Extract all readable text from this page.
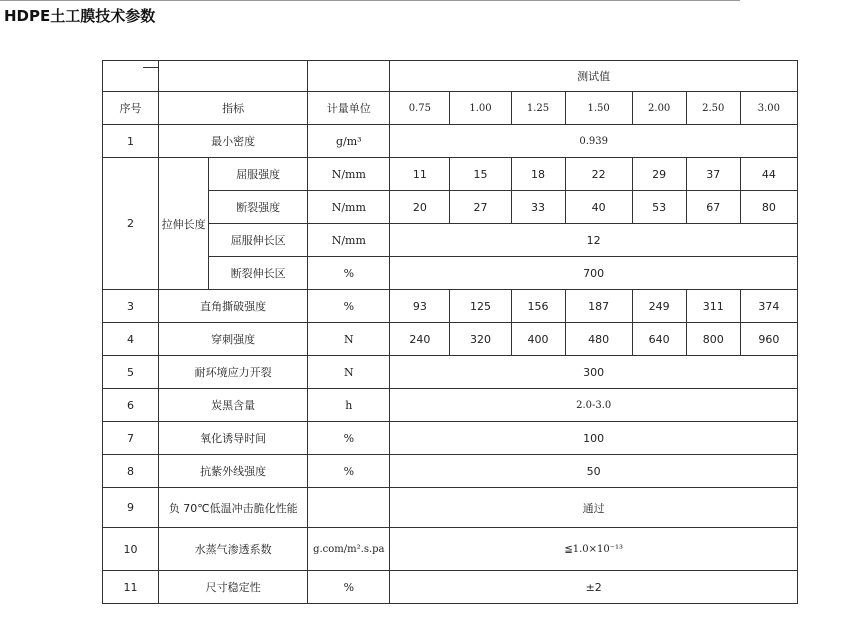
HDPE土工膜技术参数
				测试值						
序号	指标		计量单位	0.75	1.00	1.25	1.50	2.00	2.50	3.00
1	最小密度		g/m³	0.939						
2	拉伸长度	屈服强度	N/mm	11	15	18	22	29	37	44
		断裂强度	N/mm	20	27	33	40	53	67	80
		屈服伸长区	N/mm	12						
		断裂伸长区	%	700						
3	直角撕破强度		%	93	125	156	187	249	311	374
4	穿刺强度		N	240	320	400	480	640	800	960
5	耐环境应力开裂		N	300						
6	炭黑含量		h	2.0-3.0						
7	氧化诱导时间		%	100						
8	抗紫外线强度		%	50						
9	负 70℃低温冲击脆化性能			通过						
10	水蒸气渗透系数		g.com/m².s.pa	≦1.0×10⁻¹³						
11	尺寸稳定性		%	±2						
